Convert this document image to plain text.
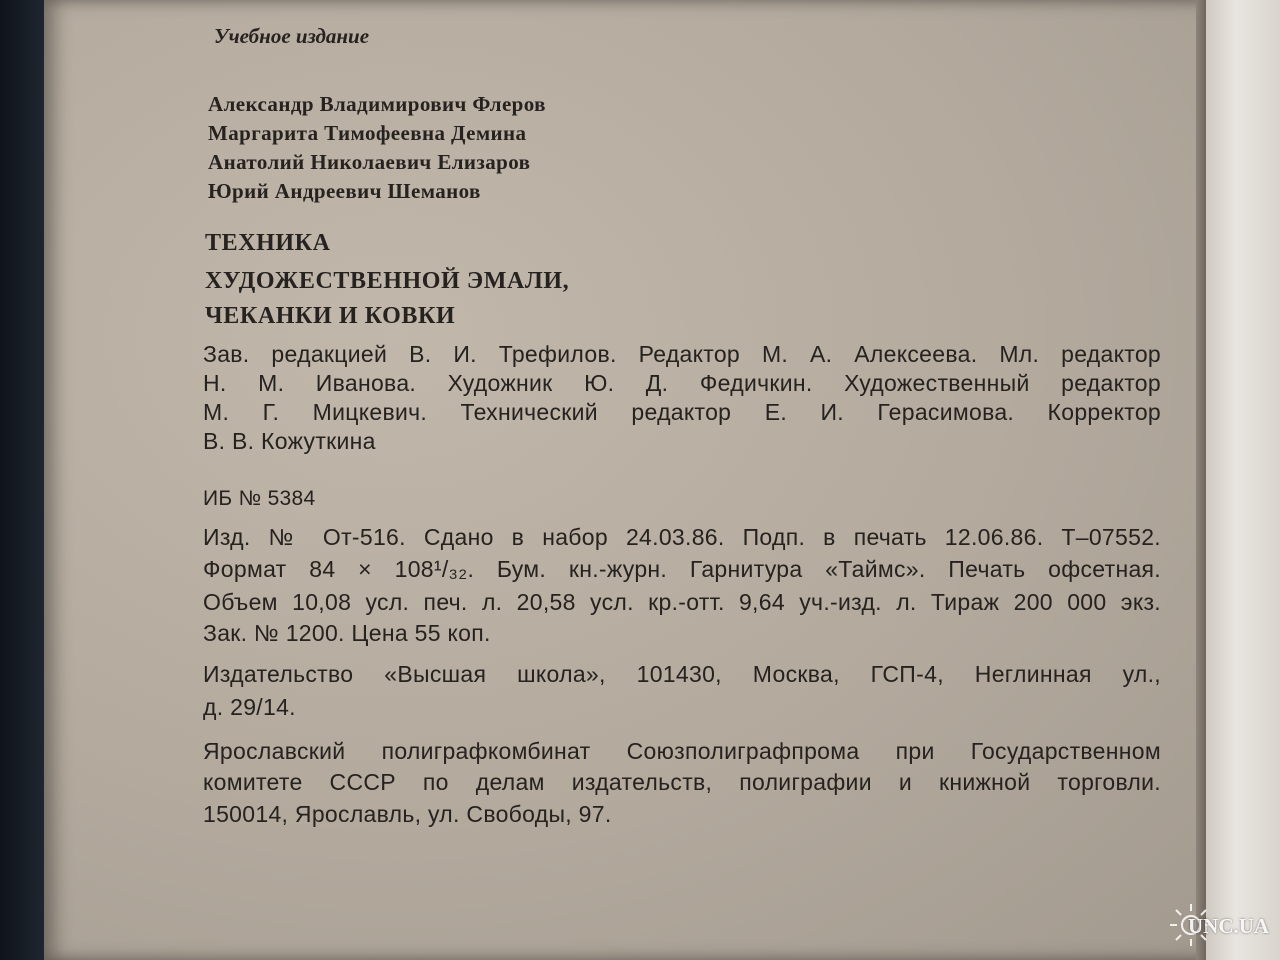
Учебное издание

Александр Владимирович Флеров

Маргарита Тимофеевна Демина

Анатолий Николаевич Елизаров

Юрий Андреевич Шеманов

ТЕХНИКА

ХУДОЖЕСТВЕННОЙ ЭМАЛИ,

ЧЕКАНКИ И КОВКИ

Зав. редакцией В. И. Трефилов. Редактор М. А. Алексеева. Мл. редактор

Н. М. Иванова. Художник Ю. Д. Федичкин. Художественный редактор

М. Г. Мицкевич. Технический редактор Е. И. Герасимова. Корректор

В. В. Кожуткина

ИБ № 5384

Изд. № От-516. Сдано в набор 24.03.86. Подп. в печать 12.06.86. Т–07552.

Формат 84 × 108¹/₃₂. Бум. кн.-журн. Гарнитура «Таймс». Печать офсетная.

Объем 10,08 усл. печ. л. 20,58 усл. кр.-отт. 9,64 уч.-изд. л. Тираж 200 000 экз.

Зак. № 1200. Цена 55 коп.

Издательство «Высшая школа», 101430, Москва, ГСП-4, Неглинная ул.,

д. 29/14.

Ярославский полиграфкомбинат Союзполиграфпрома при Государственном

комитете СССР по делам издательств, полиграфии и книжной торговли.

150014, Ярославль, ул. Свободы, 97.

UNC.UA
